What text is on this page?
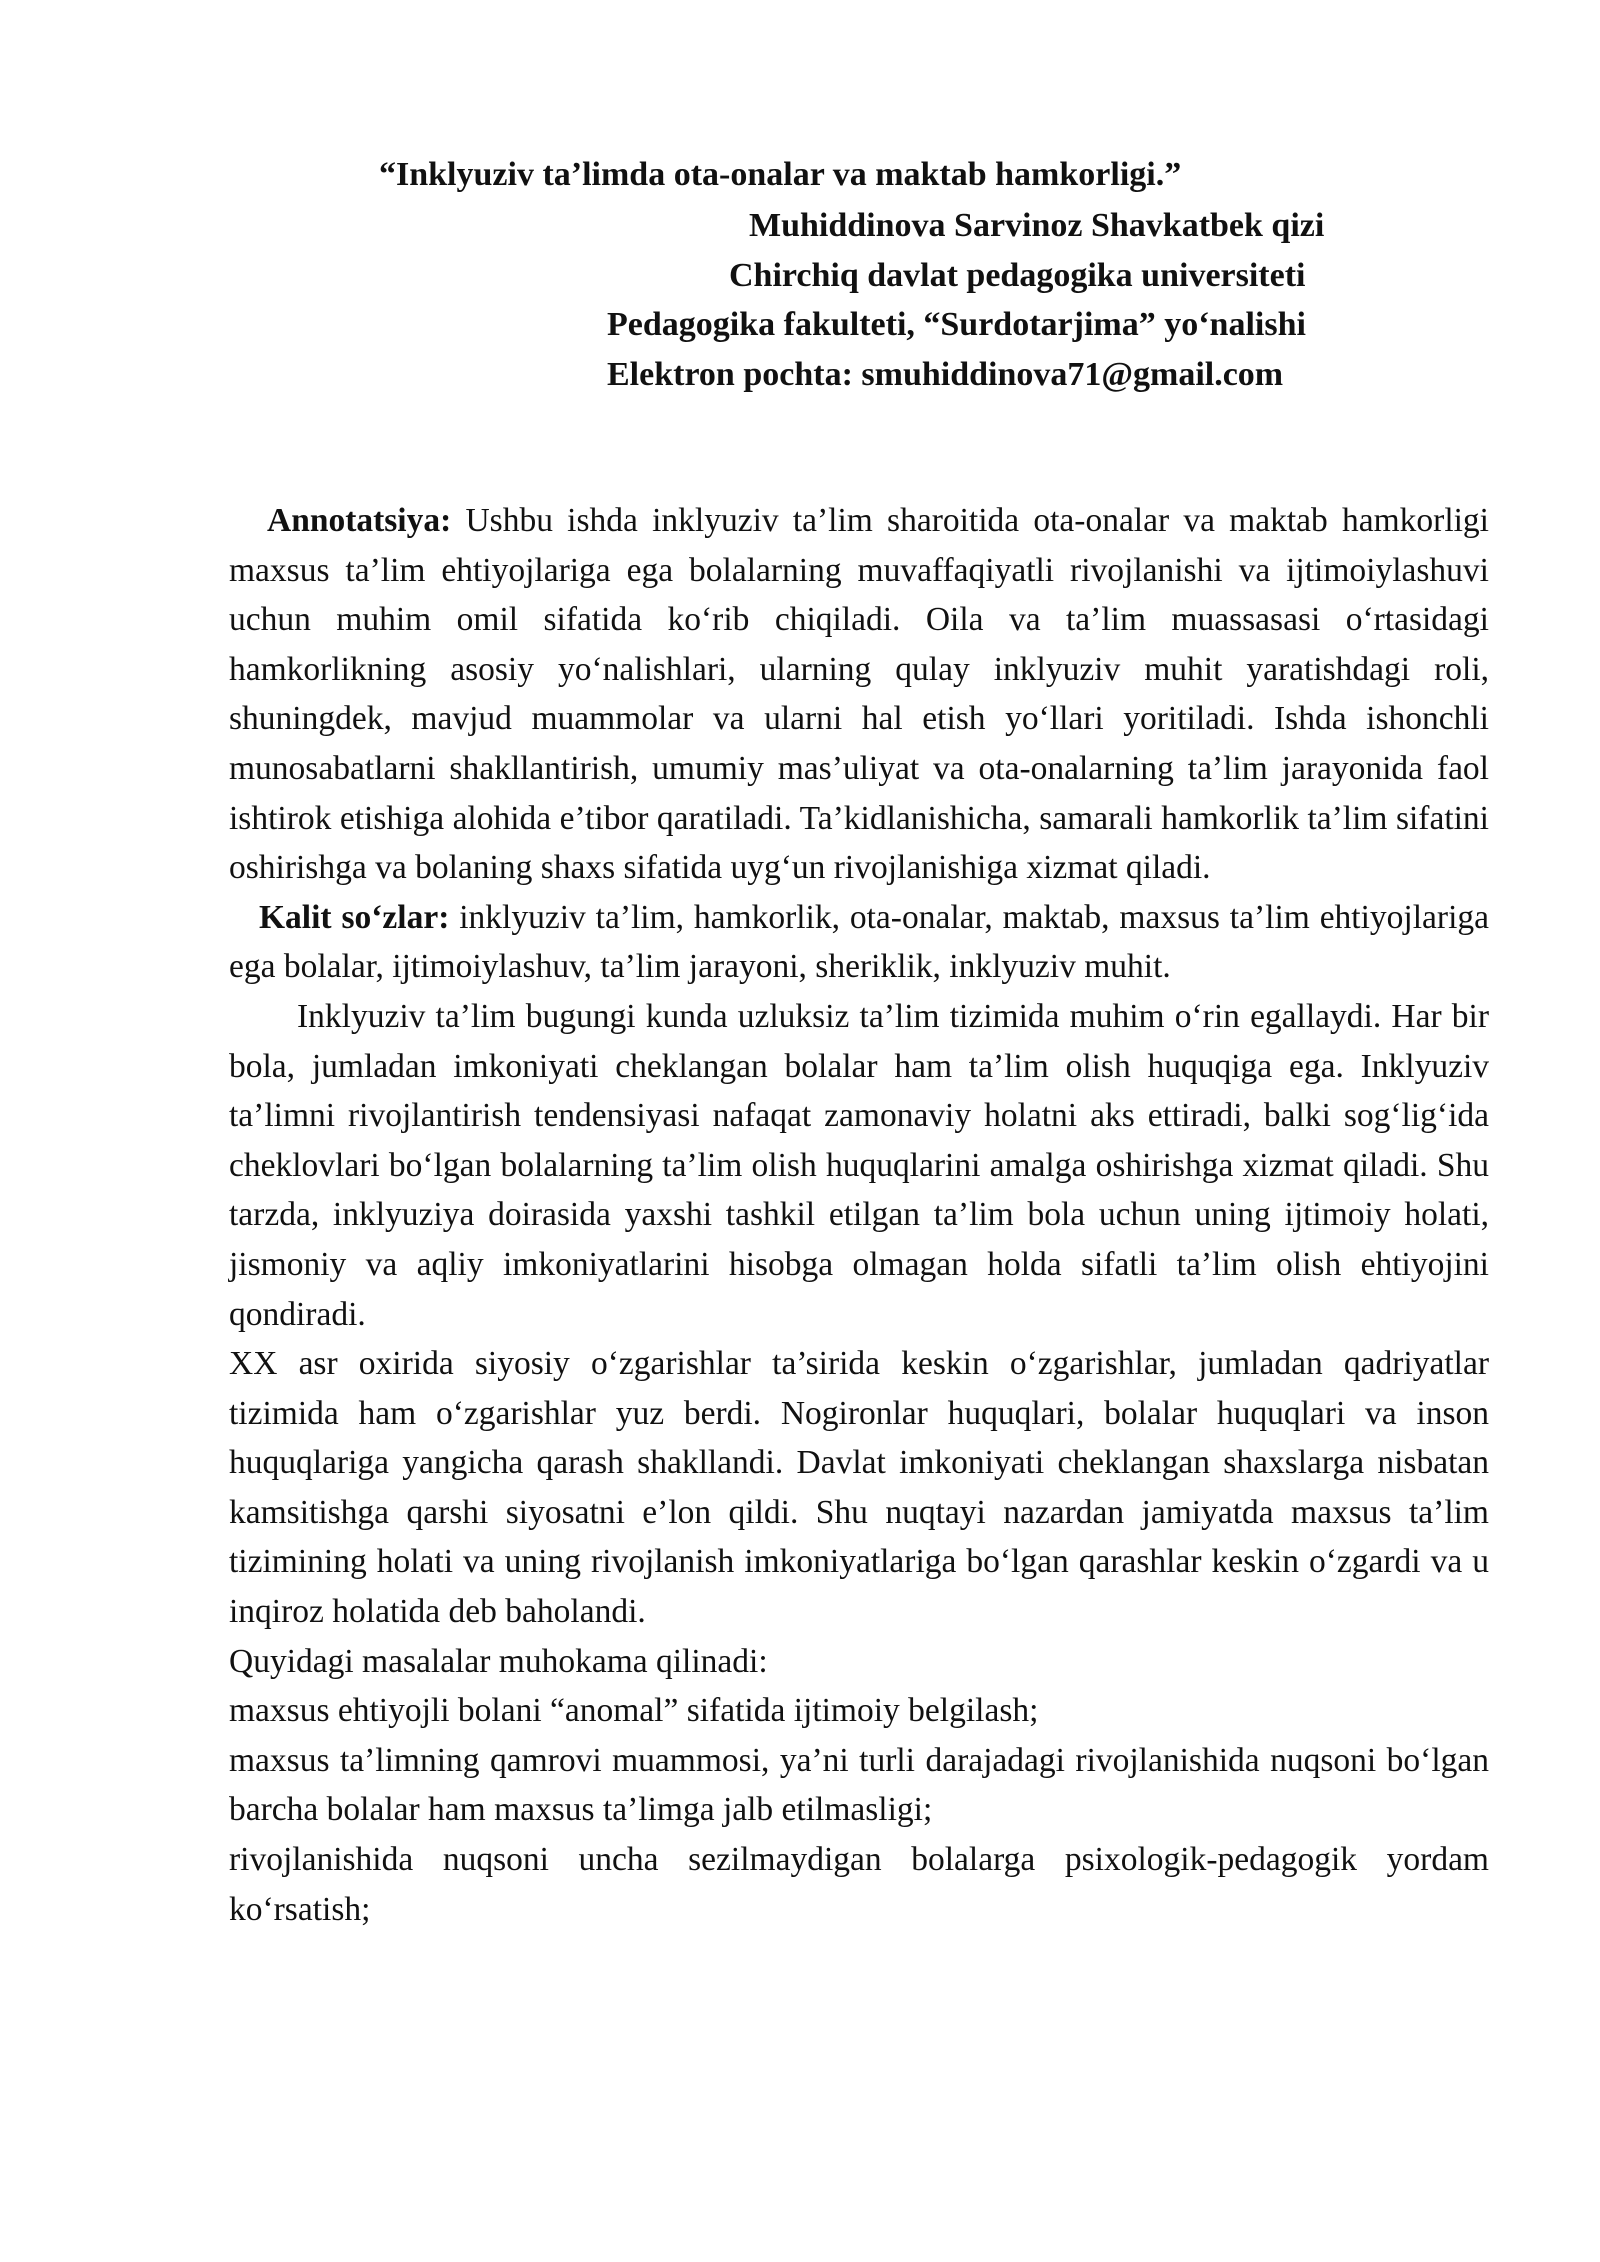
“Inklyuziv ta’limda ota-onalar va maktab hamkorligi.”
Muhiddinova Sarvinoz Shavkatbek qizi
Chirchiq davlat pedagogika universiteti
Pedagogika fakulteti, “Surdotarjima” yo‘nalishi
Elektron pochta: smuhiddinova71@gmail.com

Annotatsiya: Ushbu ishda inklyuziv ta’lim sharoitida ota-onalar va maktab hamkorligi maxsus ta’lim ehtiyojlariga ega bolalarning muvaffaqiyatli rivojlanishi va ijtimoiylashuvi uchun muhim omil sifatida ko‘rib chiqiladi. Oila va ta’lim muassasasi o‘rtasidagi hamkorlikning asosiy yo‘nalishlari, ularning qulay inklyuziv muhit yaratishdagi roli, shuningdek, mavjud muammolar va ularni hal etish yo‘llari yoritiladi. Ishda ishonchli munosabatlarni shakllantirish, umumiy mas’uliyat va ota-onalarning ta’lim jarayonida faol ishtirok etishiga alohida e’tibor qaratiladi. Ta’kidlanishicha, samarali hamkorlik ta’lim sifatini oshirishga va bolaning shaxs sifatida uyg‘un rivojlanishiga xizmat qiladi.

Kalit so‘zlar: inklyuziv ta’lim, hamkorlik, ota-onalar, maktab, maxsus ta’lim ehtiyojlariga ega bolalar, ijtimoiylashuv, ta’lim jarayoni, sheriklik, inklyuziv muhit.

Inklyuziv ta’lim bugungi kunda uzluksiz ta’lim tizimida muhim o‘rin egallaydi. Har bir bola, jumladan imkoniyati cheklangan bolalar ham ta’lim olish huquqiga ega. Inklyuziv ta’limni rivojlantirish tendensiyasi nafaqat zamonaviy holatni aks ettiradi, balki sog‘lig‘ida cheklovlari bo‘lgan bolalarning ta’lim olish huquqlarini amalga oshirishga xizmat qiladi. Shu tarzda, inklyuziya doirasida yaxshi tashkil etilgan ta’lim bola uchun uning ijtimoiy holati, jismoniy va aqliy imkoniyatlarini hisobga olmagan holda sifatli ta’lim olish ehtiyojini qondiradi.

XX asr oxirida siyosiy o‘zgarishlar ta’sirida keskin o‘zgarishlar, jumladan qadriyatlar tizimida ham o‘zgarishlar yuz berdi. Nogironlar huquqlari, bolalar huquqlari va inson huquqlariga yangicha qarash shakllandi. Davlat imkoniyati cheklangan shaxslarga nisbatan kamsitishga qarshi siyosatni e’lon qildi. Shu nuqtayi nazardan jamiyatda maxsus ta’lim tizimining holati va uning rivojlanish imkoniyatlariga bo‘lgan qarashlar keskin o‘zgardi va u inqiroz holatida deb baholandi.

Quyidagi masalalar muhokama qilinadi:

maxsus ehtiyojli bolani “anomal” sifatida ijtimoiy belgilash;

maxsus ta’limning qamrovi muammosi, ya’ni turli darajadagi rivojlanishida nuqsoni bo‘lgan barcha bolalar ham maxsus ta’limga jalb etilmasligi;

rivojlanishida nuqsoni uncha sezilmaydigan bolalarga psixologik-pedagogik yordam ko‘rsatish;
